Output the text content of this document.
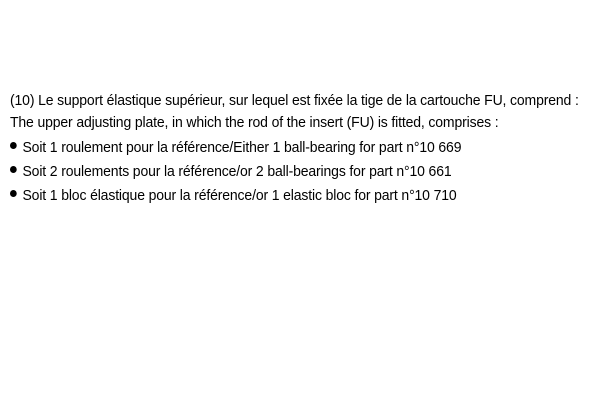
(10) Le support élastique supérieur, sur lequel est fixée la tige de la cartouche FU, comprend :
The upper adjusting plate, in which the rod of the insert (FU) is fitted, comprises :
Soit 1 roulement pour la référence/Either 1 ball-bearing for part n°10 669
Soit 2 roulements pour la référence/or 2 ball-bearings for part n°10 661
Soit 1 bloc élastique pour la référence/or 1 elastic bloc for part n°10 710
